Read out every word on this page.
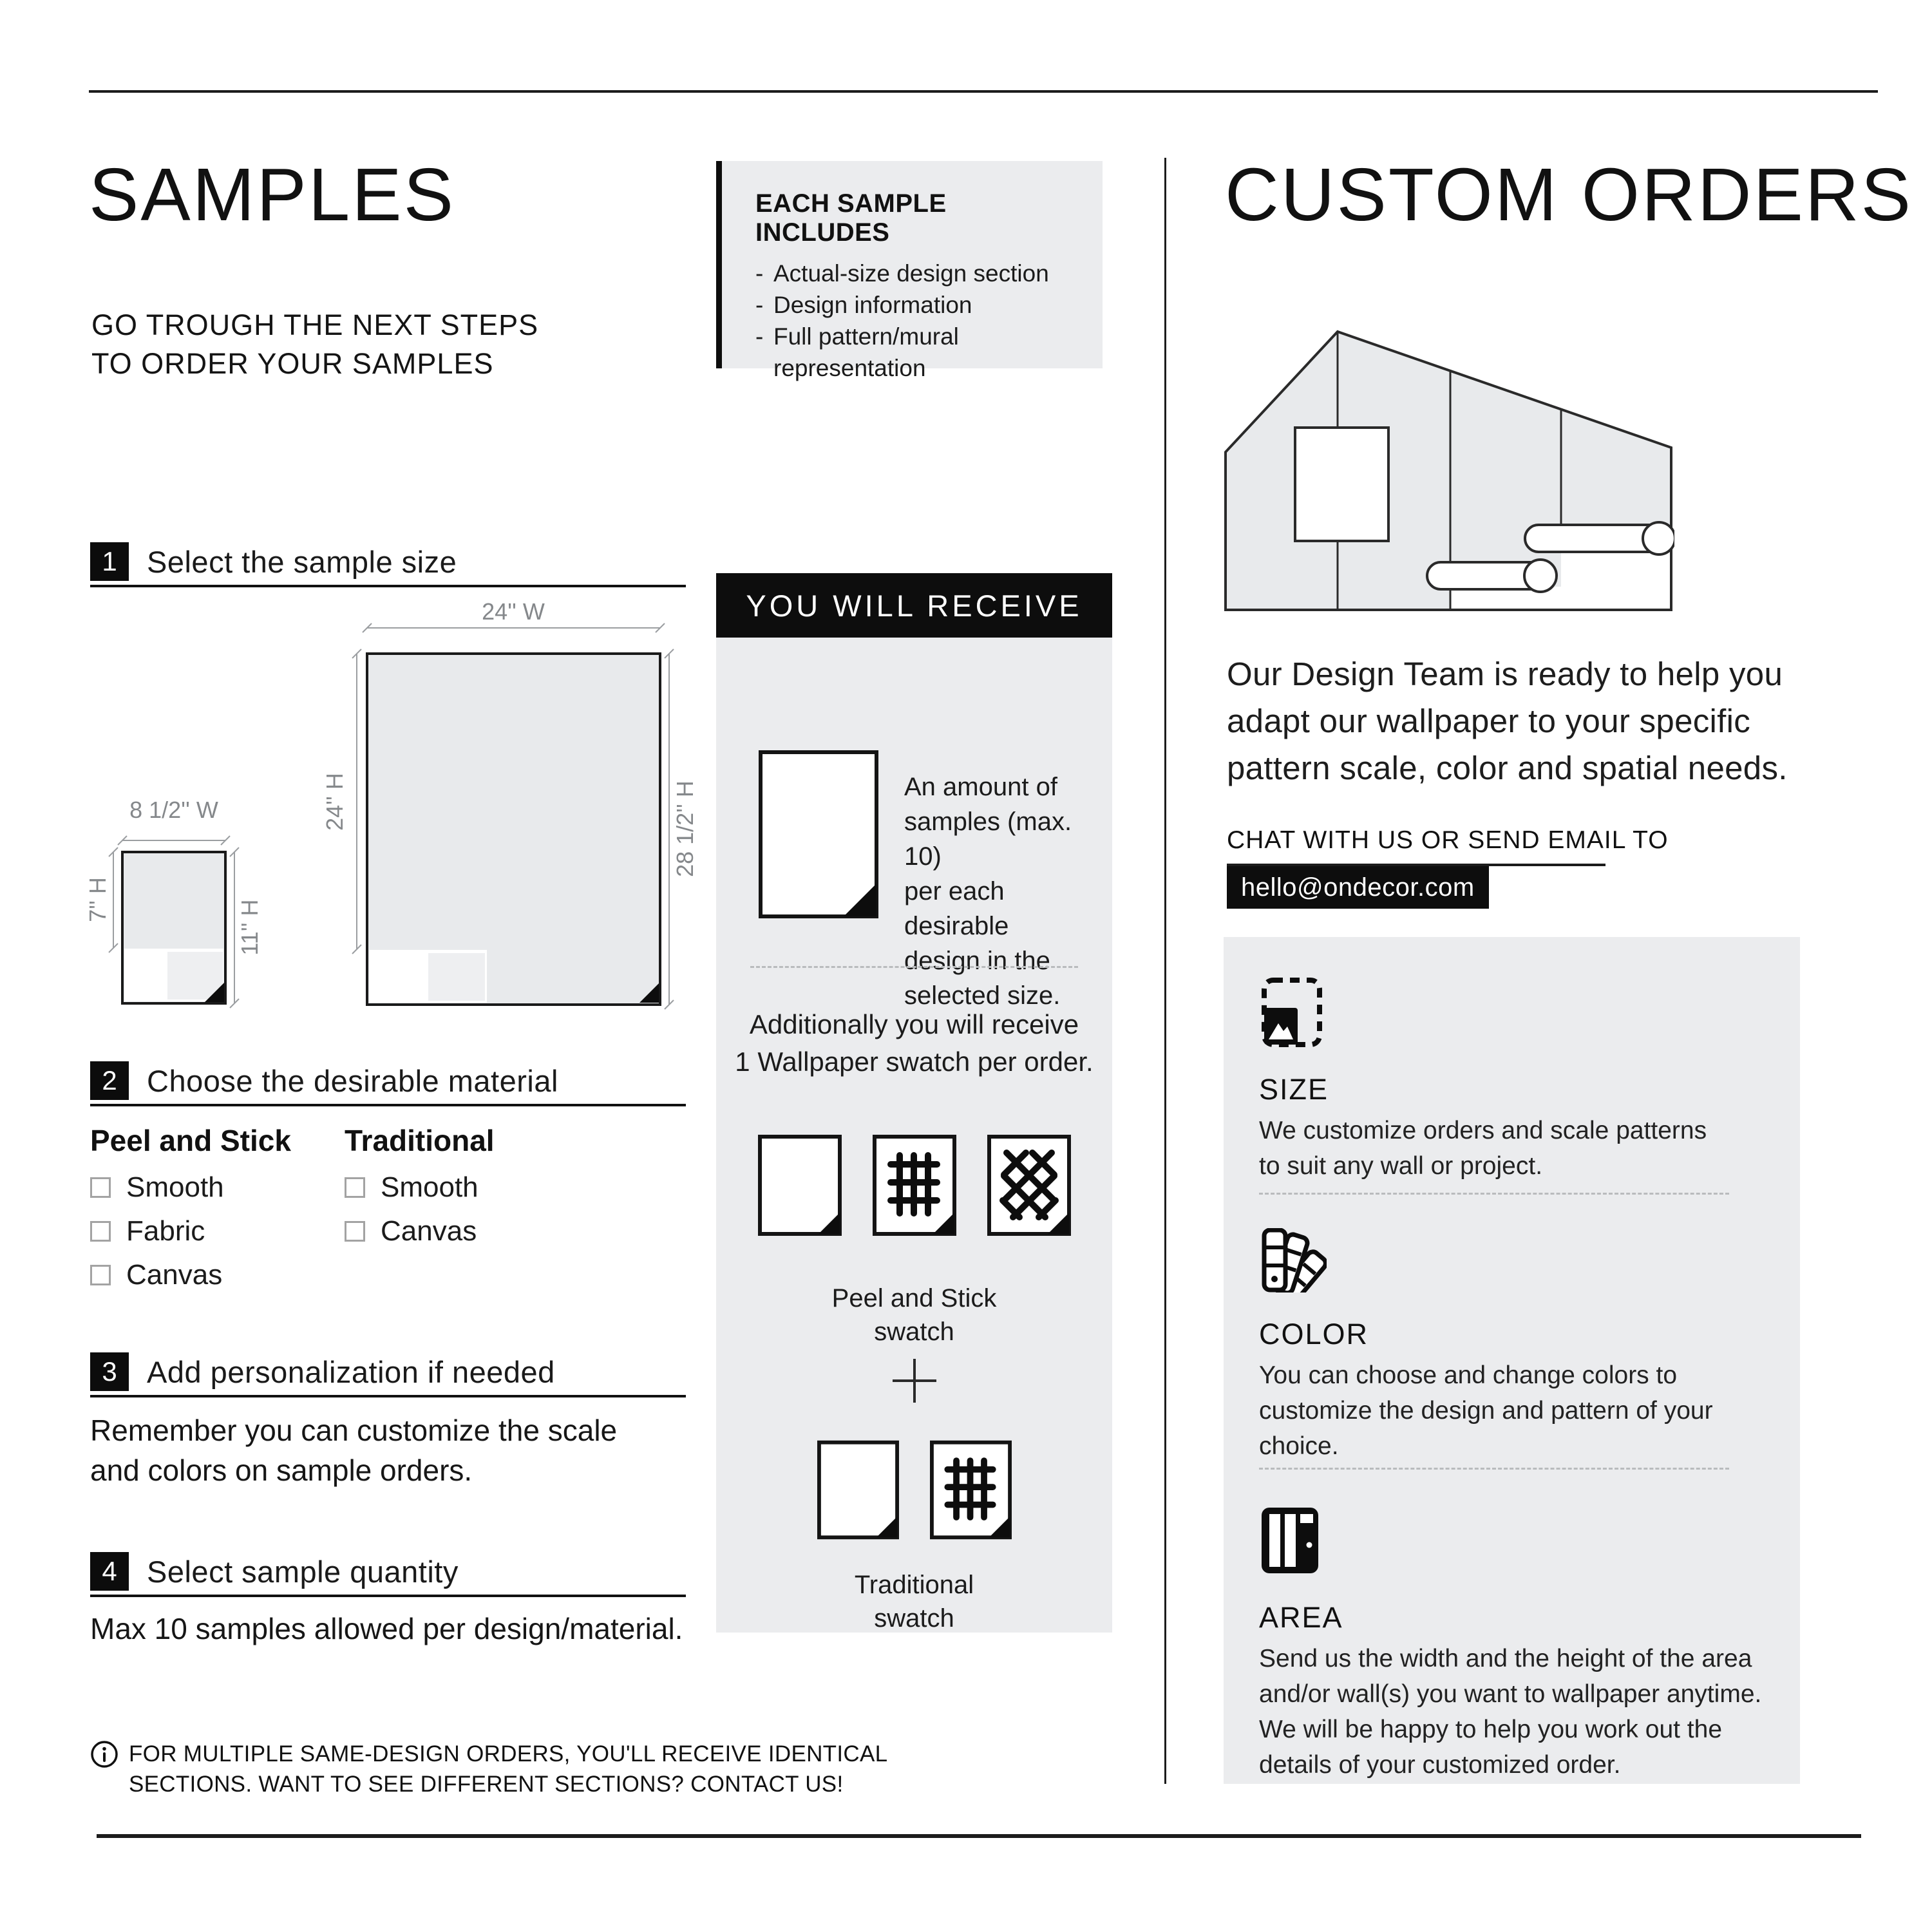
SAMPLES
GO TROUGH THE NEXT STEPS
TO ORDER YOUR SAMPLES
EACH SAMPLE INCLUDES
- Actual-size design section
- Design information
- Full pattern/mural representation
1 Select the sample size
8 1/2'' W
7'' H	11'' H
24'' W
24'' H	28 1/2'' H
2 Choose the desirable material
Peel and Stick
Smooth
Fabric
Canvas
Traditional
Smooth
Canvas
3 Add personalization if needed
Remember you can customize the scale
and colors on sample orders.
4 Select sample quantity
Max 10 samples allowed per design/material.
FOR MULTIPLE SAME-DESIGN ORDERS, YOU'LL RECEIVE IDENTICAL
SECTIONS. WANT TO SEE DIFFERENT SECTIONS? CONTACT US!
YOU WILL RECEIVE
An amount of
samples (max. 10)
per each desirable
design in the
selected size.
Additionally you will receive
1 Wallpaper swatch per order.
Peel and Stick
swatch
Traditional
swatch
CUSTOM ORDERS
Our Design Team is ready to help you
adapt our wallpaper to your specific
pattern scale, color and spatial needs.
CHAT WITH US OR SEND EMAIL TO
hello@ondecor.com
SIZE
We customize orders and scale patterns
to suit any wall or project.
COLOR
You can choose and change colors to
customize the design and pattern of your
choice.
AREA
Send us the width and the height of the area
and/or wall(s) you want to wallpaper anytime.
We will be happy to help you work out the
details of your customized order.
